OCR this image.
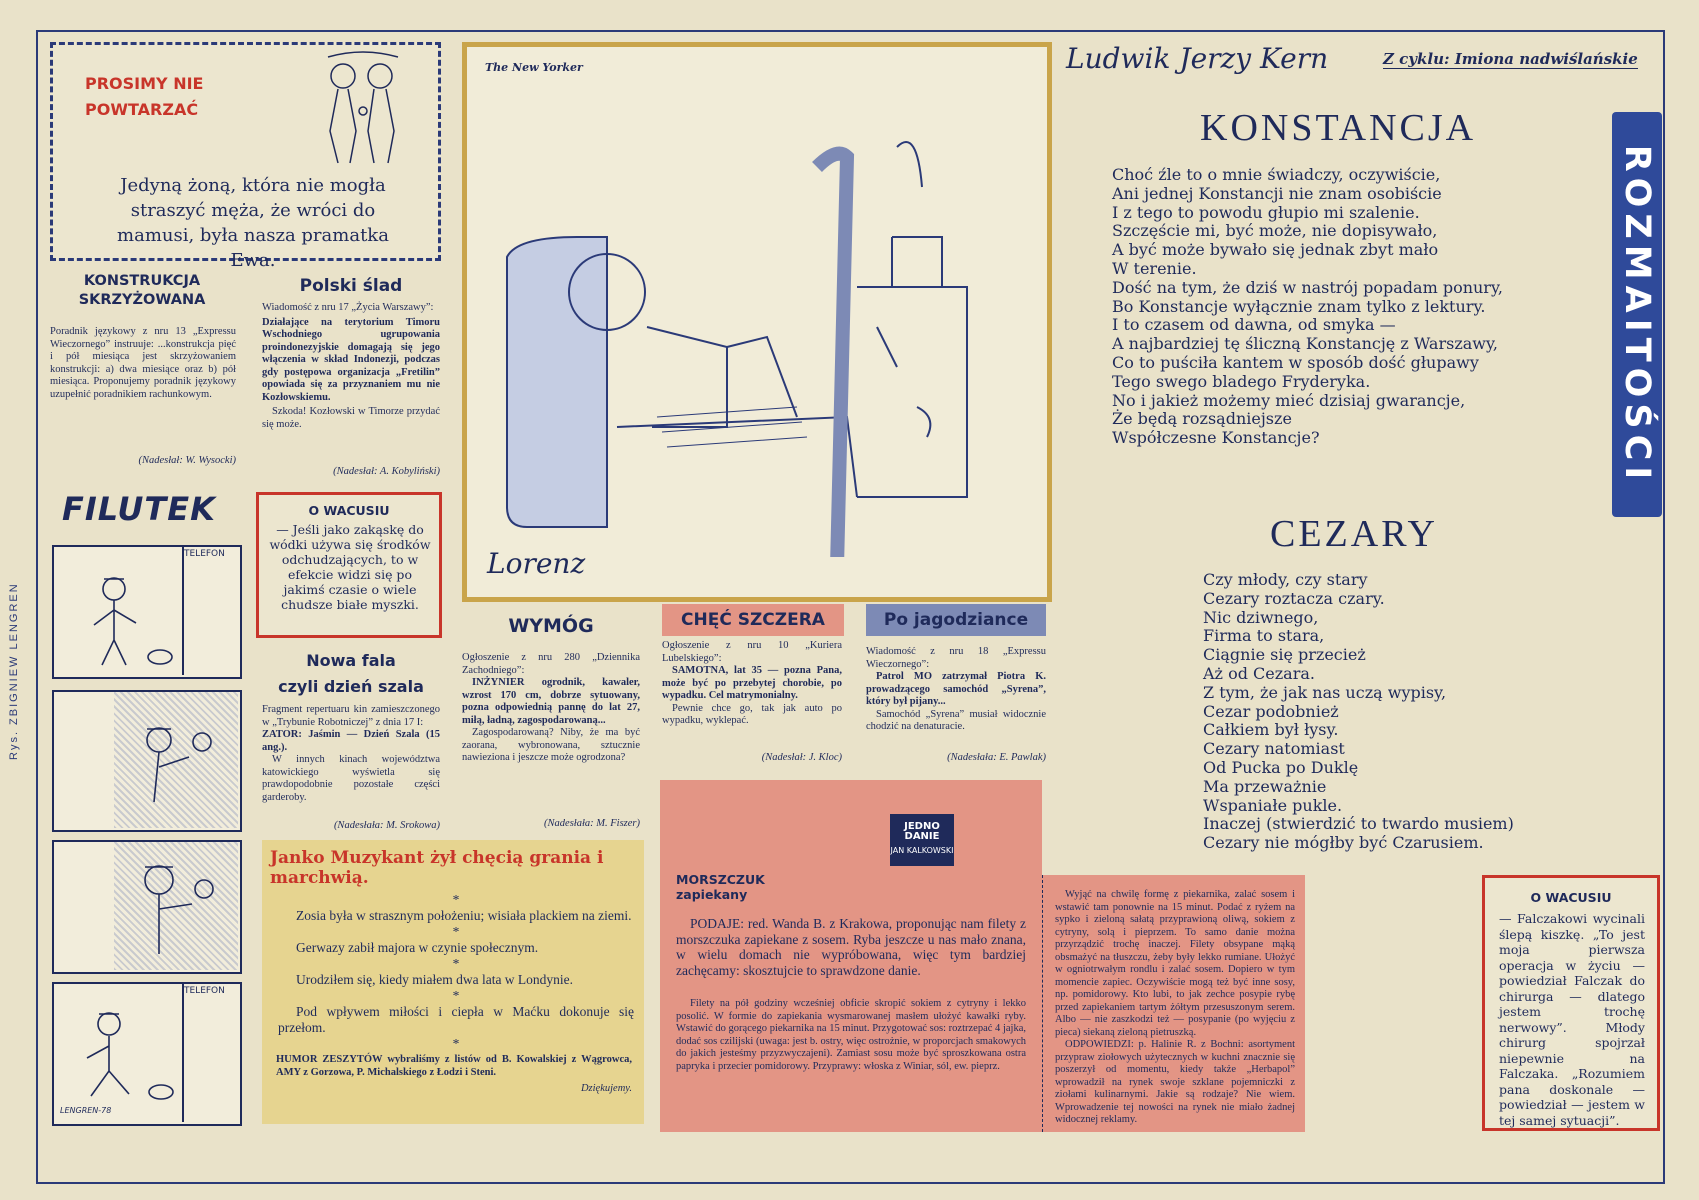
Rys. ZBIGNIEW LENGREN
PROSIMY NIE
POWTARZAĆ
Jedyną żoną, która nie mogła straszyć męża, że wróci do mamusi, była nasza pramatka Ewa.
KONSTRUKCJA
SKRZYŻOWANA
Poradnik językowy z nru 13 „Expressu Wieczornego” instruuje: ...konstrukcja pięć i pół miesiąca jest skrzyżowaniem konstrukcji: a) dwa miesiące oraz b) pół miesiąca. Proponujemy poradnik językowy uzupełnić poradnikiem rachunkowym.
(Nadesłał: W. Wysocki)
Polski ślad
Wiadomość z nru 17 „Życia Warszawy”:
Działające na terytorium Timoru Wschodniego ugrupowania proindonezyjskie domagają się jego włączenia w skład Indonezji, podczas gdy postępowa organizacja „Fretilin” opowiada się za przyznaniem mu nie Kozłowskiemu.
Szkoda! Kozłowski w Timorze przydać się może.
(Nadesłał: A. Kobyliński)
FILUTEK
TELEFON
TELEFON
LENGREN-78
O WACUSIU
— Jeśli jako zakąskę do wódki używa się środków odchudzających, to w efekcie widzi się po jakimś czasie o wiele chudsze białe myszki.
Nowa fala
czyli dzień szala
Fragment repertuaru kin zamieszczonego w „Trybunie Robotniczej” z dnia 17 I:
ZATOR: Jaśmin — Dzień Szala (15 ang.).
W innych kinach województwa katowickiego wyświetla się prawdopodobnie pozostałe części garderoby.
(Nadesłała: M. Srokowa)
The New Yorker
Lorenz
WYMÓG
Ogłoszenie z nru 280 „Dziennika Zachodniego”:
INŻYNIER ogrodnik, kawaler, wzrost 170 cm, dobrze sytuowany, pozna odpowiednią pannę do lat 27, miłą, ładną, zagospodarowaną...
Zagospodarowaną? Niby, że ma być zaorana, wybronowana, sztucznie nawieziona i jeszcze może ogrodzona?
(Nadesłała: M. Fiszer)
CHĘĆ SZCZERA
Ogłoszenie z nru 10 „Kuriera Lubelskiego”:
SAMOTNA, lat 35 — pozna Pana, może być po przebytej chorobie, po wypadku. Cel matrymonialny.
Pewnie chce go, tak jak auto po wypadku, wyklepać.
(Nadesłał: J. Kloc)
Po jagodziance
Wiadomość z nru 18 „Expressu Wieczornego”:
Patrol MO zatrzymał Piotra K. prowadzącego samochód „Syrena”, który był pijany...
Samochód „Syrena” musiał widocznie chodzić na denaturacie.
(Nadesłała: E. Pawlak)
Ludwik Jerzy Kern	Z cyklu: Imiona nadwiślańskie
KONSTANCJA
Choć źle to o mnie świadczy, oczywiście,
Ani jednej Konstancji nie znam osobiście
I z tego to powodu głupio mi szalenie.
Szczęście mi, być może, nie dopisywało,
A być może bywało się jednak zbyt mało
W terenie.
Dość na tym, że dziś w nastrój popadam ponury,
Bo Konstancje wyłącznie znam tylko z lektury.
I to czasem od dawna, od smyka —
A najbardziej tę śliczną Konstancję z Warszawy,
Co to puściła kantem w sposób dość głupawy
Tego swego bladego Fryderyka.
No i jakież możemy mieć dzisiaj gwarancje,
Że będą rozsądniejsze
Współczesne Konstancje?	ROZMAITOŚCI
CEZARY
Czy młody, czy stary
Cezary roztacza czary.
Nic dziwnego,
Firma to stara,
Ciągnie się przecież
Aż od Cezara.
Z tym, że jak nas uczą wypisy,
Cezar podobniеż
Całkiem był łysy.
Cezary natomiast
Od Pucka po Duklę
Ma przeważnie
Wspaniałe pukle.
Inaczej (stwierdzić to twardo musiem)
Cezary nie mógłby być Czarusiem.
Janko Muzykant żył chęcią grania i marchwią.
*
Zosia była w strasznym położeniu; wisiała plackiem na ziemi.
*
Gerwazy zabił majora w czynie społecznym.
*
Urodziłem się, kiedy miałem dwa lata w Londynie.
*
Pod wpływem miłości i ciepła w Maćku dokonuje się przełom.
*
HUMOR ZESZYTÓW wybraliśmy z listów od B. Kowalskiej z Wągrowca, AMY z Gorzowa, P. Michalskiego z Łodzi i Steni.
Dziękujemy.
JEDNO DANIE
JAN KALKOWSKI
MORSZCZUK
zapiekany
PODAJE: red. Wanda B. z Krakowa, proponując nam filety z morszczuka zapiekane z sosem. Ryba jeszcze u nas mało znana, w wielu domach nie wypróbowana, więc tym bardziej zachęcamy: skosztujcie to sprawdzone danie.
Filety na pół godziny wcześniej obficie skropić sokiem z cytryny i lekko posolić. W formie do zapiekania wysmarowanej masłem ułożyć kawałki ryby. Wstawić do gorącego piekarnika na 15 minut. Przygotować sos: roztrzepać 4 jajka, dodać sos czilijski (uwaga: jest b. ostry, więc ostrożnie, w proporcjach smakowych do jakich jesteśmy przyzwyczajeni). Zamiast sosu może być sproszkowana ostra papryka i przecier pomidorowy. Przyprawy: włoska z Winiar, sól, ew. pieprz.
Wyjąć na chwilę formę z piekarnika, zalać sosem i wstawić tam ponownie na 15 minut. Podać z ryżem na sypko i zieloną sałatą przyprawioną oliwą, sokiem z cytryny, solą i pieprzem. To samo danie można przyrządzić trochę inaczej. Filety obsypane mąką obsmażyć na tłuszczu, żeby były lekko rumiane. Ułożyć w ogniotrwałym rondlu i zalać sosem. Dopiero w tym momencie zapiec. Oczywiście mogą też być inne sosy, np. pomidorowy. Kto lubi, to jak zechce posypie rybę przed zapiekaniem tartym żółtym przesuszonym serem. Albo — nie zaszkodzi też — posypanie (po wyjęciu z pieca) siekaną zieloną pietruszką.
ODPOWIEDZI: p. Halinie R. z Bochni: asortyment przypraw ziołowych użytecznych w kuchni znacznie się poszerzył od momentu, kiedy także „Herbapol” wprowadził na rynek swoje szklane pojemniczki z ziołami kulinarnymi. Jakie są rodzaje? Nie wiem. Wprowadzenie tej nowości na rynek nie miało żadnej widocznej reklamy.
O WACUSIU
— Falczakowi wycinali ślepą kiszkę. „To jest moja pierwsza operacja w życiu — powiedział Falczak do chirurga — dlatego jestem trochę nerwowy”. Młody chirurg spojrzał niepewnie na Falczaka. „Rozumiem pana doskonale — powiedział — jestem w tej samej sytuacji”.
